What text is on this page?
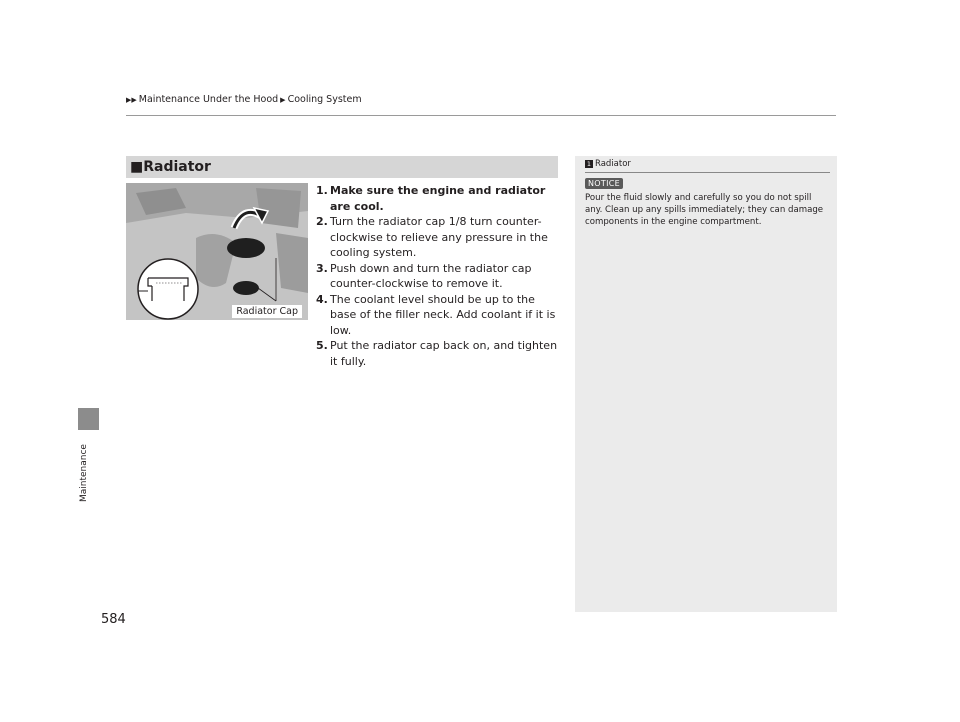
▶▶ Maintenance Under the Hood ▶ Cooling System
Maintenance
■Radiator
Radiator Cap
1. Make sure the engine and radiator are cool.
2. Turn the radiator cap 1/8 turn counter-clockwise to relieve any pressure in the cooling system.
3. Push down and turn the radiator cap counter-clockwise to remove it.
4. The coolant level should be up to the base of the filler neck. Add coolant if it is low.
5. Put the radiator cap back on, and tighten it fully.
1 Radiator
NOTICE
Pour the fluid slowly and carefully so you do not spill any. Clean up any spills immediately; they can damage components in the engine compartment.
584
